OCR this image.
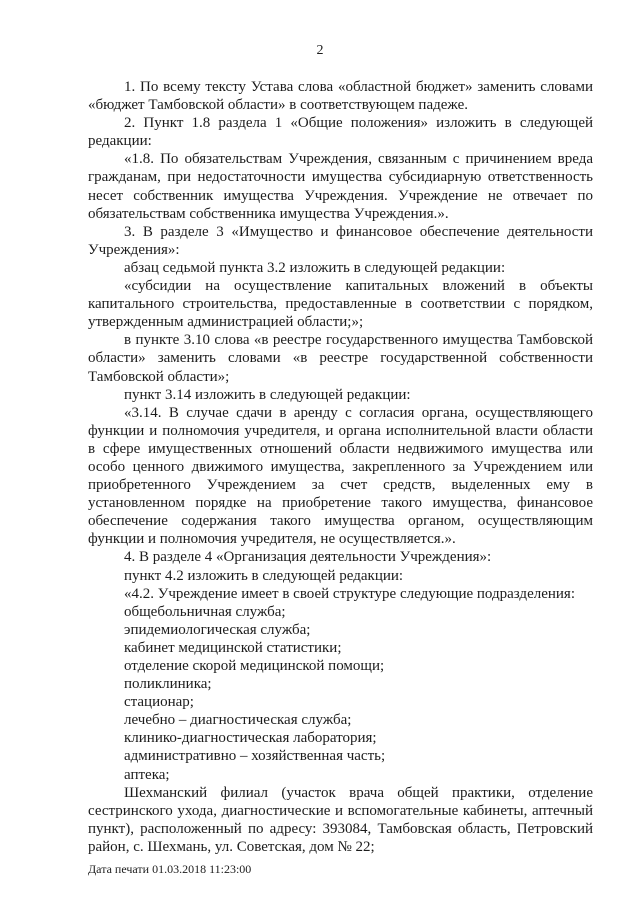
2

1. По всему тексту Устава слова «областной бюджет» заменить словами «бюджет Тамбовской области» в соответствующем падеже.

2. Пункт 1.8 раздела 1 «Общие положения» изложить в следующей редакции:

«1.8. По обязательствам Учреждения, связанным с причинением вреда гражданам, при недостаточности имущества субсидиарную ответственность несет собственник имущества Учреждения. Учреждение не отвечает по обязательствам собственника имущества Учреждения.».

3. В разделе 3 «Имущество и финансовое обеспечение деятельности Учреждения»:

абзац седьмой пункта 3.2 изложить в следующей редакции:

«субсидии на осуществление капитальных вложений в объекты капитального строительства, предоставленные в соответствии с порядком, утвержденным администрацией области;»;

в пункте 3.10 слова «в реестре государственного имущества Тамбовской области» заменить словами «в реестре государственной собственности Тамбовской области»;

пункт 3.14 изложить в следующей редакции:

«3.14. В случае сдачи в аренду с согласия органа, осуществляющего функции и полномочия учредителя, и органа исполнительной власти области в сфере имущественных отношений области недвижимого имущества или особо ценного движимого имущества, закрепленного за Учреждением или приобретенного Учреждением за счет средств, выделенных ему в установленном порядке на приобретение такого имущества, финансовое обеспечение содержания такого имущества органом, осуществляющим функции и полномочия учредителя, не осуществляется.».

4. В разделе 4 «Организация деятельности Учреждения»:

пункт 4.2 изложить в следующей редакции:

«4.2. Учреждение имеет в своей структуре следующие подразделения:

общебольничная служба;

эпидемиологическая служба;

кабинет медицинской статистики;

отделение скорой медицинской помощи;

поликлиника;

стационар;

лечебно – диагностическая служба;

клинико-диагностическая лаборатория;

административно – хозяйственная часть;

аптека;

Шехманский филиал (участок врача общей практики, отделение сестринского ухода, диагностические и вспомогательные кабинеты, аптечный пункт), расположенный по адресу: 393084, Тамбовская область, Петровский район, с. Шехмань, ул. Советская, дом № 22;

Дата печати 01.03.2018 11:23:00
